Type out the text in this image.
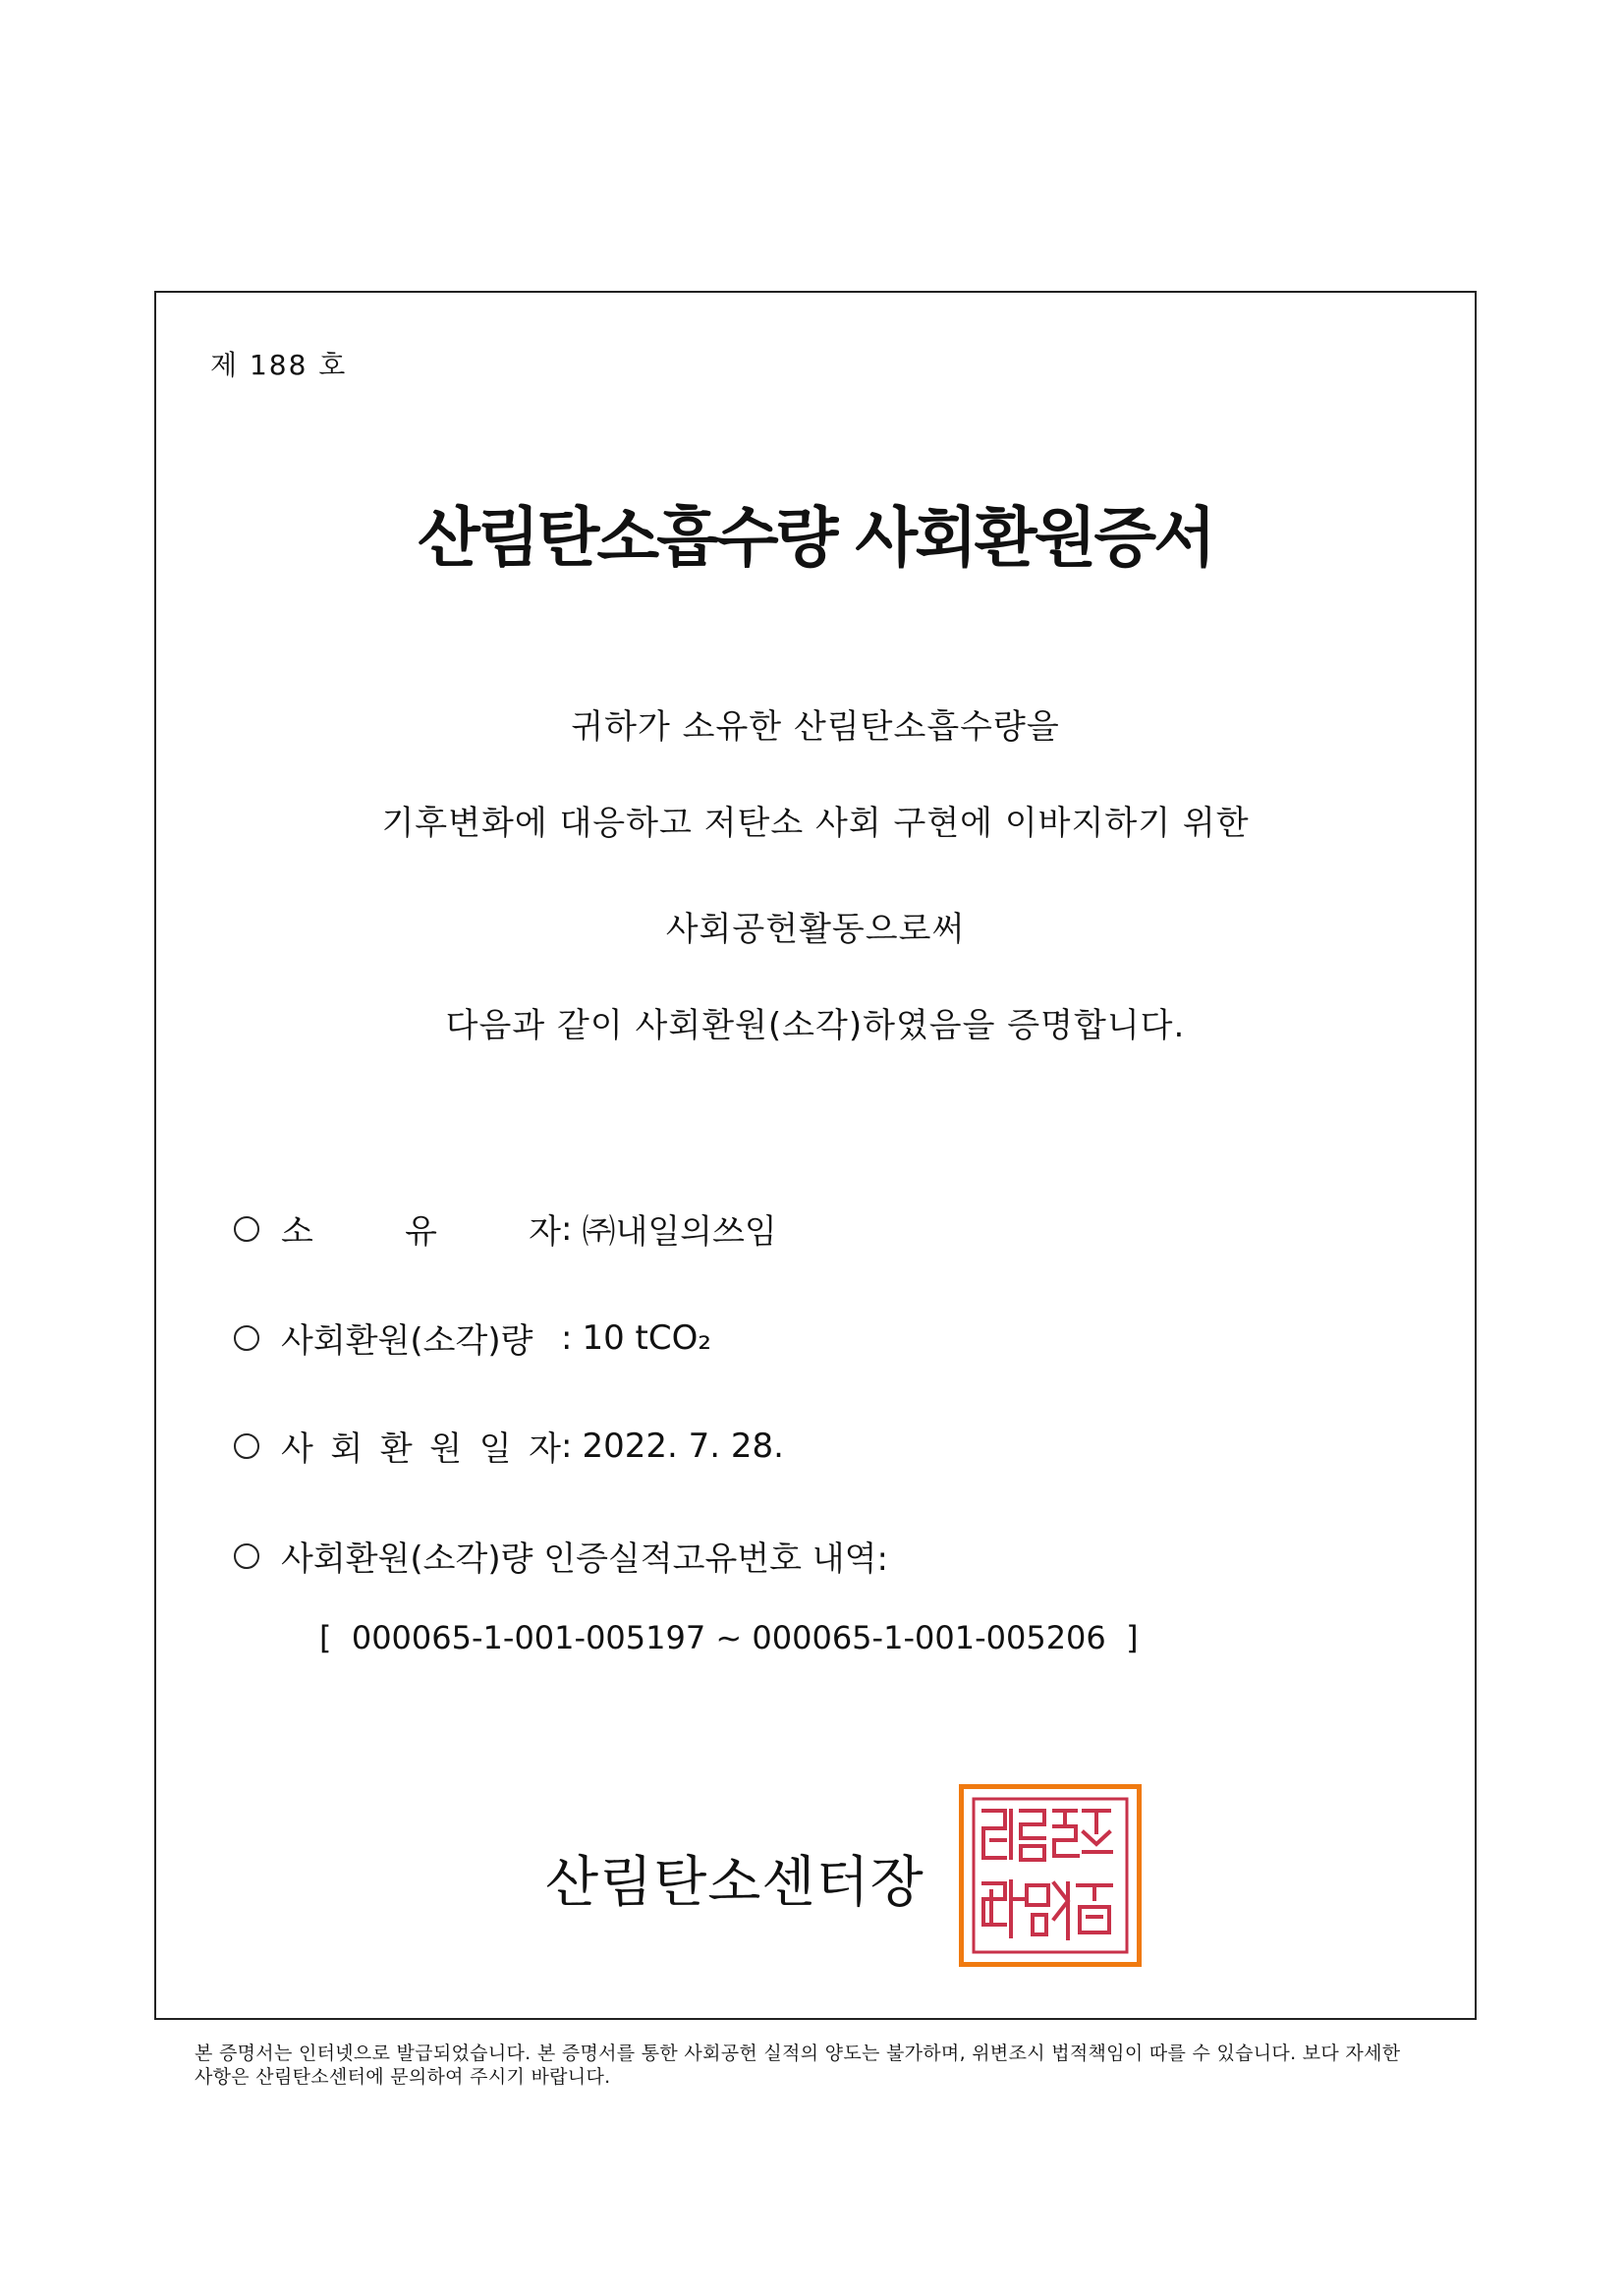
제 188 호
산림탄소흡수량 사회환원증서
귀하가 소유한 산림탄소흡수량을
기후변화에 대응하고 저탄소 사회 구현에 이바지하기 위한
사회공헌활동으로써
다음과 같이 사회환원(소각)하였음을 증명합니다.
소	유	자 : ㈜내일의쓰임
사회환원(소각)량 : 10 tCO₂
사 회 환 원 일 자 : 2022. 7. 28.
사회환원(소각)량 인증실적고유번호 내역:
[  000065-1-001-005197 ~ 000065-1-001-005206  ]
산림탄소센터장
본 증명서는 인터넷으로 발급되었습니다. 본 증명서를 통한 사회공헌 실적의 양도는 불가하며, 위변조시 법적책임이 따를 수 있습니다. 보다 자세한 사항은 산림탄소센터에 문의하여 주시기 바랍니다.
